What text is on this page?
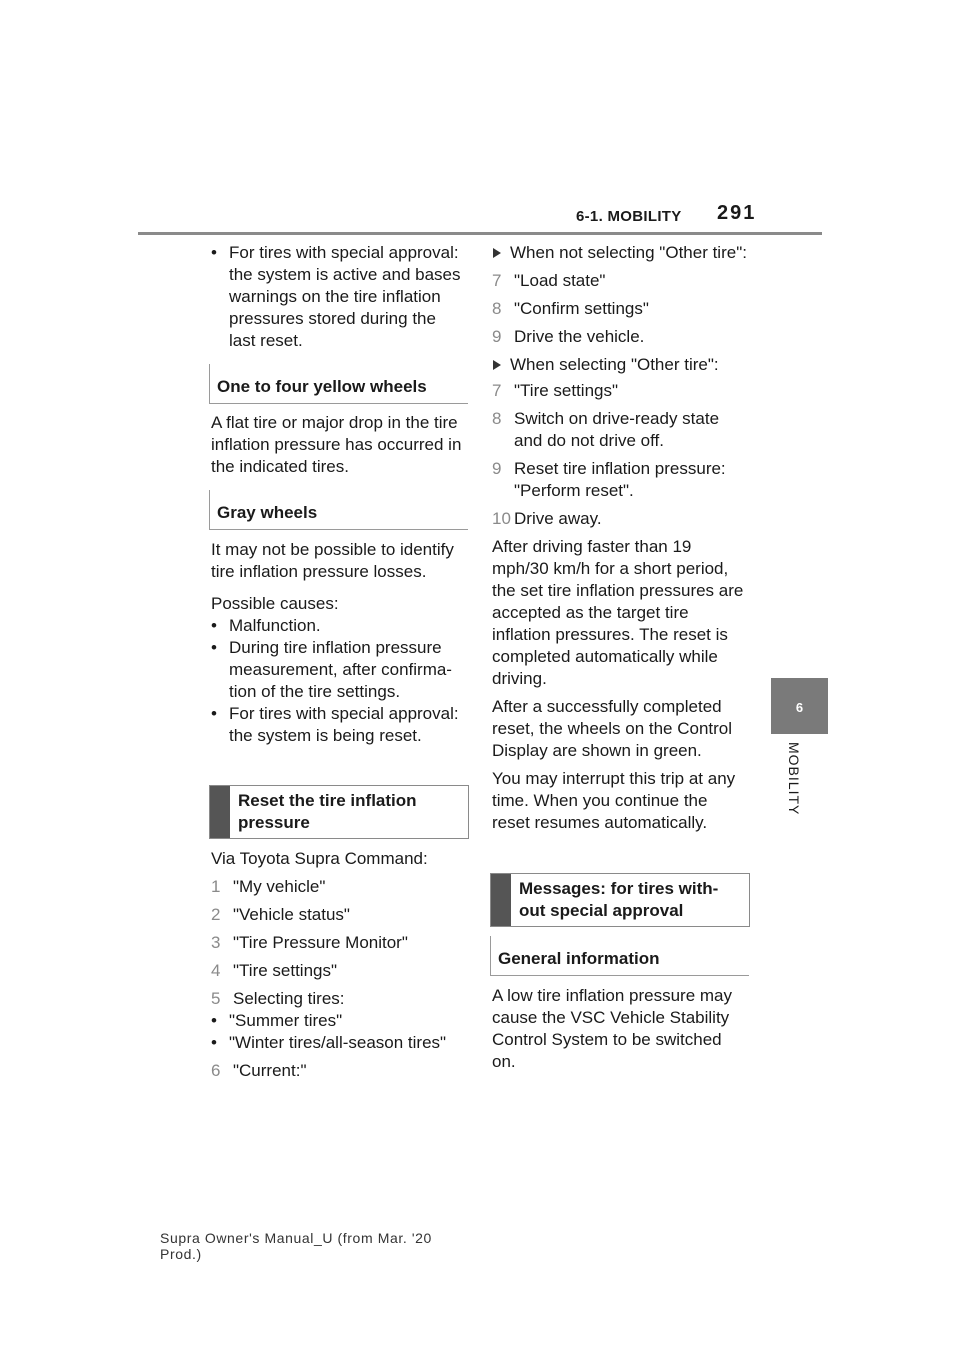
6-1. MOBILITY 291
6
MOBILITY
• For tires with special approval: the system is active and bases warnings on the tire inflation pressures stored during the last reset.
One to four yellow wheels

A flat tire or major drop in the tire inflation pressure has occurred in the indicated tires.

Gray wheels

It may not be possible to identify tire inflation pressure losses.

Possible causes:

• Malfunction.
• During tire inflation pressure measurement, after confirma-tion of the tire settings.
• For tires with special approval: the system is being reset.
Reset the tire inflation pressure

Via Toyota Supra Command:

1 "My vehicle"
2 "Vehicle status"
3 "Tire Pressure Monitor"
4 "Tire settings"
5 Selecting tires:
• "Summer tires"
• "Winter tires/all-season tires"
6 "Current:"
When not selecting "Other tire":
7 "Load state"
8 "Confirm settings"
9 Drive the vehicle.
When selecting "Other tire":
7 "Tire settings"
8 Switch on drive-ready state and do not drive off.
9 Reset tire inflation pressure: "Perform reset".
10 Drive away.

After driving faster than 19 mph/30 km/h for a short period, the set tire inflation pressures are accepted as the target tire inflation pressures. The reset is completed automatically while driving.

After a successfully completed reset, the wheels on the Control Display are shown in green.

You may interrupt this trip at any time. When you continue the reset resumes automatically.

Messages: for tires with-out special approval
General information

A low tire inflation pressure may cause the VSC Vehicle Stability Control System to be switched on.

Supra Owner's Manual_U (from Mar. '20 Prod.)
